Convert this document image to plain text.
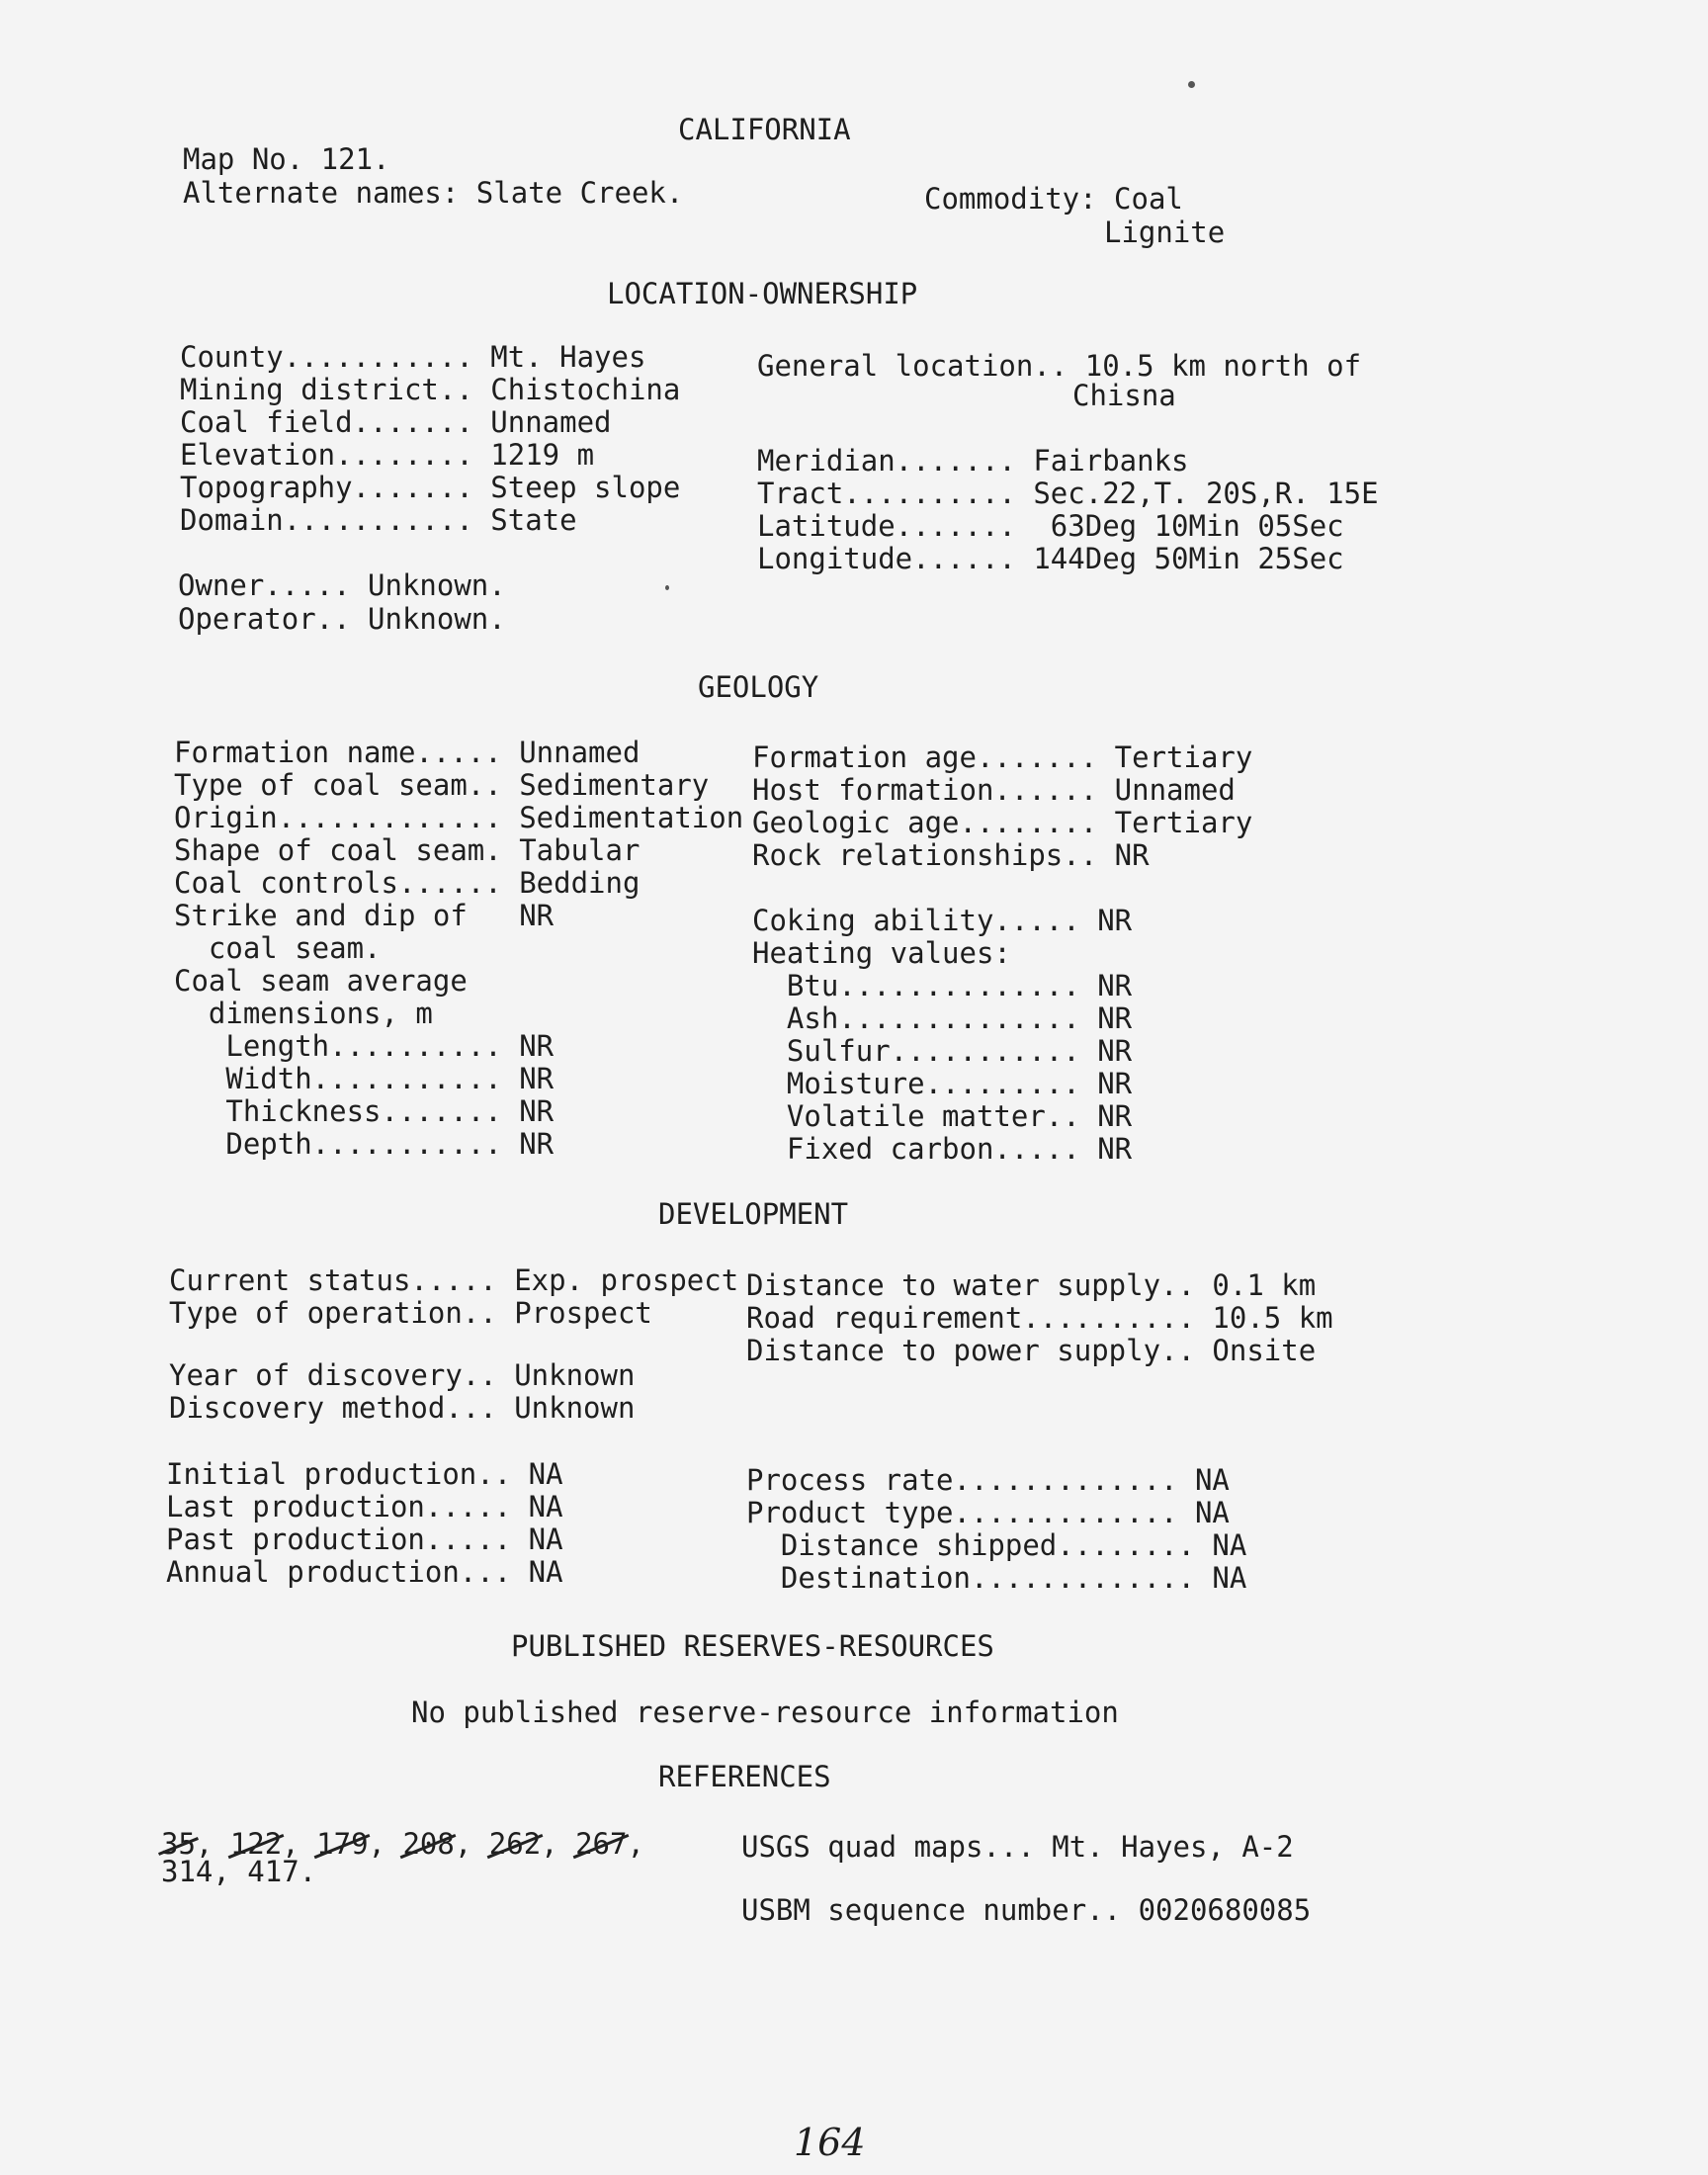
CALIFORNIA
Map No. 121.
Alternate names: Slate Creek.	Commodity: Coal
Lignite
LOCATION-OWNERSHIP
County........... Mt. Hayes
Mining district.. Chistochina
Coal field....... Unnamed
Elevation........ 1219 m
Topography....... Steep slope
Domain........... State
General location.. 10.5 km north of
Chisna
Meridian....... Fairbanks
Tract.......... Sec.22,T. 20S,R. 15E
Latitude.......  63Deg 10Min 05Sec
Longitude...... 144Deg 50Min 25Sec
Owner..... Unknown.
Operator.. Unknown.
GEOLOGY
Formation name..... Unnamed
Type of coal seam.. Sedimentary
Origin............. Sedimentation
Shape of coal seam. Tabular
Coal controls...... Bedding
Strike and dip of   NR
coal seam.
Coal seam average
dimensions, m
Length.......... NR
Width........... NR
Thickness....... NR
Depth........... NR
Formation age....... Tertiary
Host formation...... Unnamed
Geologic age........ Tertiary
Rock relationships.. NR
Coking ability..... NR
Heating values:
Btu.............. NR
Ash.............. NR
Sulfur........... NR
Moisture......... NR
Volatile matter.. NR
Fixed carbon..... NR
DEVELOPMENT
Current status..... Exp. prospect
Type of operation.. Prospect
Distance to water supply.. 0.1 km
Road requirement.......... 10.5 km
Distance to power supply.. Onsite
Year of discovery.. Unknown
Discovery method... Unknown
Initial production.. NA
Last production..... NA
Past production..... NA
Annual production... NA
Process rate............. NA
Product type............. NA
Distance shipped........ NA
Destination............. NA
PUBLISHED RESERVES-RESOURCES
No published reserve-resource information
REFERENCES
35, 122, 179, 208, 262, 267,
314, 417.
USGS quad maps... Mt. Hayes, A-2
USBM sequence number.. 0020680085
164
